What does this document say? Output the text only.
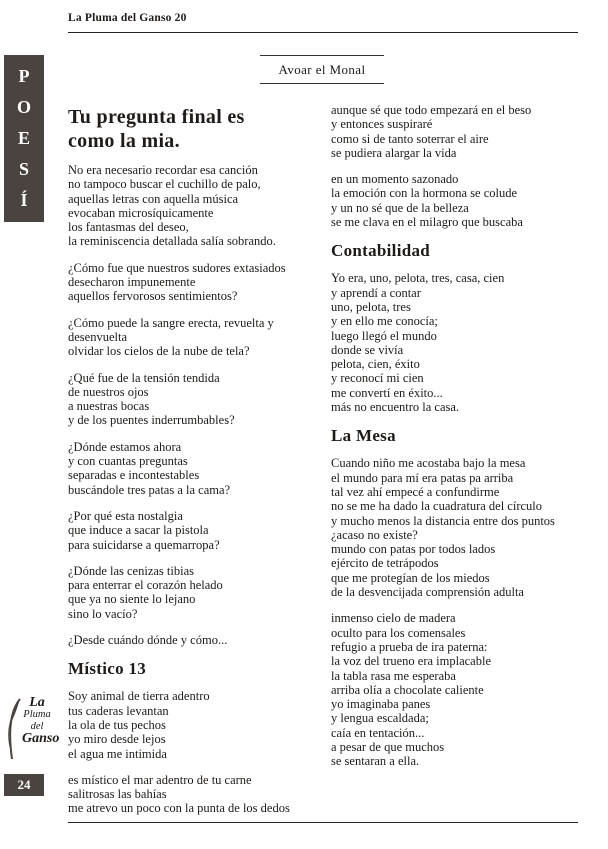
La Pluma del Ganso 20
P
O
E
S
Í
A
Avoar el Monal
Tu pregunta final es
como la mia.
No era necesario recordar esa canción
no tampoco buscar el cuchillo de palo,
aquellas letras con aquella música
evocaban microsíquicamente
los fantasmas del deseo,
la reminiscencia detallada salía sobrando.
¿Cómo fue que nuestros sudores extasiados
desecharon impunemente
aquellos fervorosos sentimientos?
¿Cómo puede la sangre erecta, revuelta y
desenvuelta
olvidar los cielos de la nube de tela?
¿Qué fue de la tensión tendida
de nuestros ojos
a nuestras bocas
y de los puentes inderrumbables?
¿Dónde estamos ahora
y con cuantas preguntas
separadas e incontestables
buscándole tres patas a la cama?
¿Por qué esta nostalgia
que induce a sacar la pistola
para suicidarse a quemarropa?
¿Dónde las cenizas tibias
para enterrar el corazón helado
que ya no siente lo lejano
sino lo vacío?
¿Desde cuándo dónde y cómo...
Místico 13
Soy animal de tierra adentro
tus caderas levantan
la ola de tus pechos
yo miro desde lejos
el agua me intimida
es místico el mar adentro de tu carne
salitrosas las bahías
me atrevo un poco con la punta de los dedos
aunque sé que todo empezará en el beso
y entonces suspiraré
como si de tanto soterrar el aire
se pudiera alargar la vida
en un momento sazonado
la emoción con la hormona se colude
y un no sé que de la belleza
se me clava en el milagro que buscaba
Contabilidad
Yo era, uno, pelota, tres, casa, cien
y aprendí a contar
uno, pelota, tres
y en ello me conocía;
luego llegó el mundo
donde se vivía
pelota, cien, éxito
y reconocí mi cien
me convertí en éxito...
más no encuentro la casa.
La Mesa
Cuando niño me acostaba bajo la mesa
el mundo para mí era patas pa arriba
tal vez ahí empecé a confundirme
no se me ha dado la cuadratura del círculo
y mucho menos la distancia entre dos puntos
¿acaso no existe?
mundo con patas por todos lados
ejército de tetrápodos
que me protegían de los miedos
de la desvencijada comprensión adulta
inmenso cielo de madera
oculto para los comensales
refugio a prueba de ira paterna:
la voz del trueno era implacable
la tabla rasa me esperaba
arriba olía a chocolate caliente
yo imaginaba panes
y lengua escaldada;
caía en tentación...
a pesar de que muchos
se sentaran a ella.
La
Pluma
del
Ganso
24
